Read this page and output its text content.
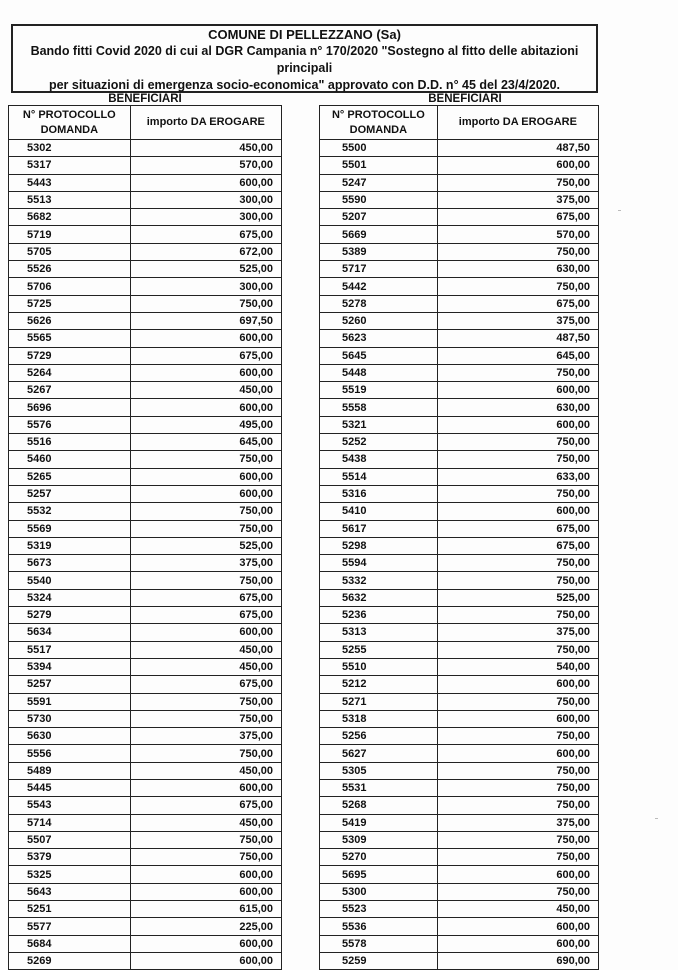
COMUNE DI PELLEZZANO (Sa)
Bando fitti Covid 2020 di cui al DGR Campania n° 170/2020 "Sostegno al fitto delle abitazioni principali
per situazioni di emergenza socio-economica" approvato con D.D. n° 45 del 23/4/2020.
BENEFICIARI	BENEFICIARI
N° PROTOCOLLO DOMANDA	importo DA EROGARE
5302	450,00
5317	570,00
5443	600,00
5513	300,00
5682	300,00
5719	675,00
5705	672,00
5526	525,00
5706	300,00
5725	750,00
5626	697,50
5565	600,00
5729	675,00
5264	600,00
5267	450,00
5696	600,00
5576	495,00
5516	645,00
5460	750,00
5265	600,00
5257	600,00
5532	750,00
5569	750,00
5319	525,00
5673	375,00
5540	750,00
5324	675,00
5279	675,00
5634	600,00
5517	450,00
5394	450,00
5257	675,00
5591	750,00
5730	750,00
5630	375,00
5556	750,00
5489	450,00
5445	600,00
5543	675,00
5714	450,00
5507	750,00
5379	750,00
5325	600,00
5643	600,00
5251	615,00
5577	225,00
5684	600,00
5269	600,00
N° PROTOCOLLO DOMANDA	importo DA EROGARE
5500	487,50
5501	600,00
5247	750,00
5590	375,00
5207	675,00
5669	570,00
5389	750,00
5717	630,00
5442	750,00
5278	675,00
5260	375,00
5623	487,50
5645	645,00
5448	750,00
5519	600,00
5558	630,00
5321	600,00
5252	750,00
5438	750,00
5514	633,00
5316	750,00
5410	600,00
5617	675,00
5298	675,00
5594	750,00
5332	750,00
5632	525,00
5236	750,00
5313	375,00
5255	750,00
5510	540,00
5212	600,00
5271	750,00
5318	600,00
5256	750,00
5627	600,00
5305	750,00
5531	750,00
5268	750,00
5419	375,00
5309	750,00
5270	750,00
5695	600,00
5300	750,00
5523	450,00
5536	600,00
5578	600,00
5259	690,00
